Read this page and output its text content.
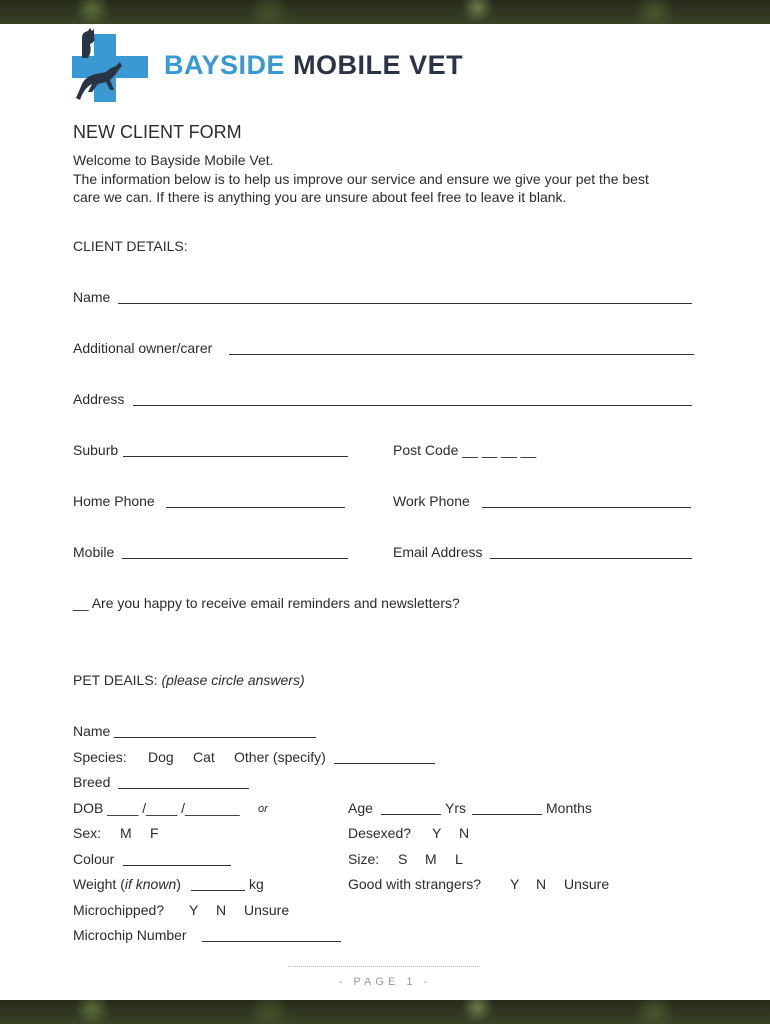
BAYSIDE MOBILE VET
NEW CLIENT FORM
Welcome to Bayside Mobile Vet.
The information below is to help us improve our service and ensure we give your pet the best
care we can. If there is anything you are unsure about feel free to leave it blank.
CLIENT DETAILS:
Name
Additional owner/carer
Address
Suburb	Post Code __ __ __ __
Home Phone	Work Phone
Mobile	Email Address
__ Are you happy to receive email reminders and newsletters?
PET DEAILS: (please circle answers)
Name
Species: Dog Cat Other (specify)
Breed
DOB ____ /____ /_______ or	Age	Yrs	Months
Sex: M F	Desexed? Y N
Colour	Size: S M L
Weight (if known)	kg	Good with strangers? Y N Unsure
Microchipped? Y N Unsure
Microchip Number
- PAGE 1 -
